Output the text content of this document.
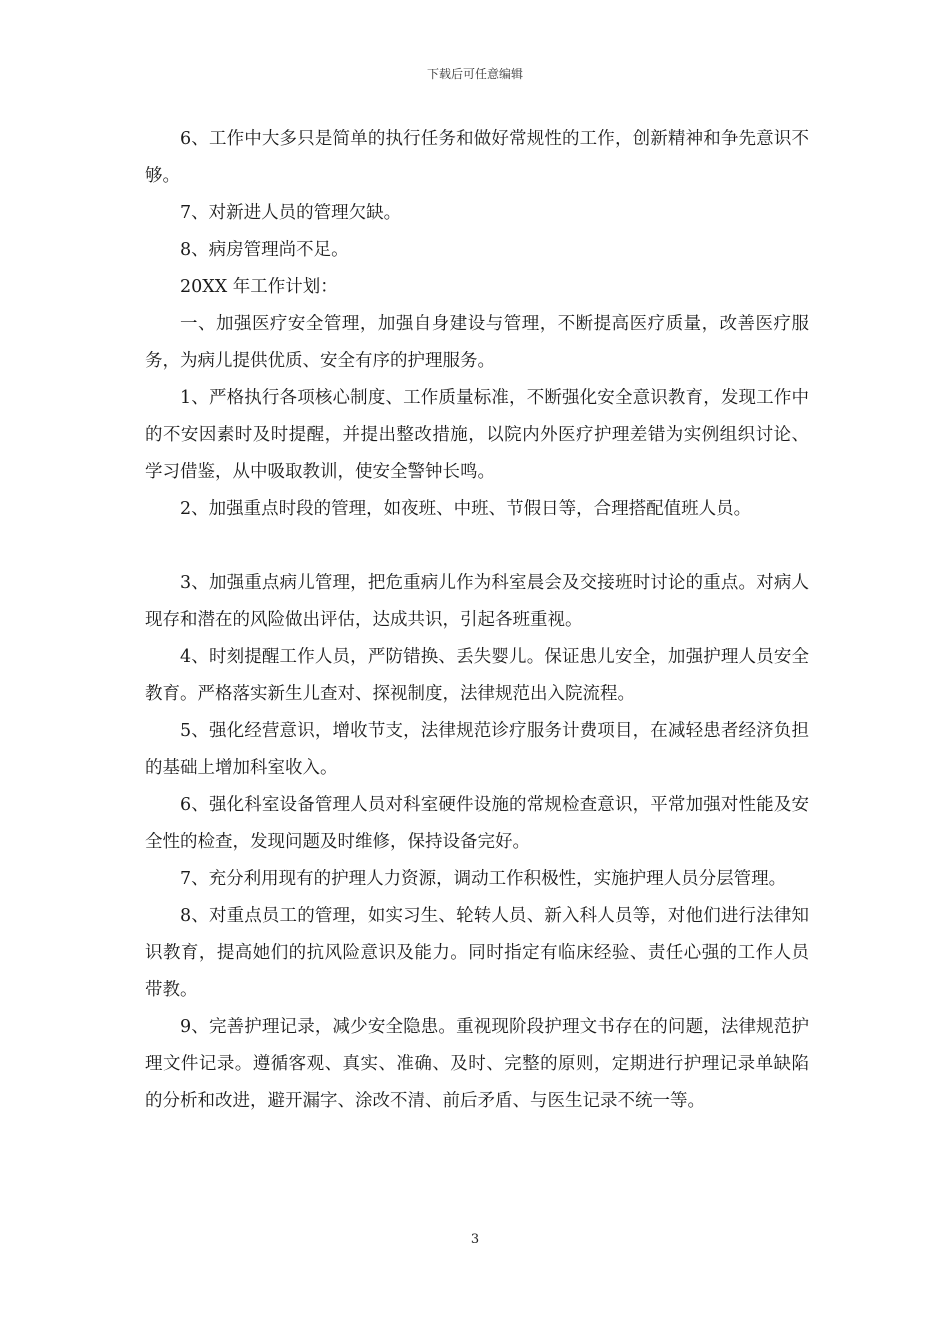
下载后可任意编辑

6、工作中大多只是简单的执行任务和做好常规性的工作，创新精神和争先意识不够。

7、对新进人员的管理欠缺。

8、病房管理尚不足。

20XX 年工作计划：

一、加强医疗安全管理，加强自身建设与管理，不断提高医疗质量，改善医疗服务，为病儿提供优质、安全有序的护理服务。

1、严格执行各项核心制度、工作质量标准，不断强化安全意识教育，发现工作中的不安因素时及时提醒，并提出整改措施，以院内外医疗护理差错为实例组织讨论、学习借鉴，从中吸取教训，使安全警钟长鸣。

2、加强重点时段的管理，如夜班、中班、节假日等，合理搭配值班人员。

3、加强重点病儿管理，把危重病儿作为科室晨会及交接班时讨论的重点。对病人现存和潜在的风险做出评估，达成共识，引起各班重视。

4、时刻提醒工作人员，严防错换、丢失婴儿。保证患儿安全，加强护理人员安全教育。严格落实新生儿查对、探视制度，法律规范出入院流程。

5、强化经营意识，增收节支，法律规范诊疗服务计费项目，在减轻患者经济负担的基础上增加科室收入。

6、强化科室设备管理人员对科室硬件设施的常规检查意识，平常加强对性能及安全性的检查，发现问题及时维修，保持设备完好。

7、充分利用现有的护理人力资源，调动工作积极性，实施护理人员分层管理。

8、对重点员工的管理，如实习生、轮转人员、新入科人员等，对他们进行法律知识教育，提高她们的抗风险意识及能力。同时指定有临床经验、责任心强的工作人员带教。

9、完善护理记录，减少安全隐患。重视现阶段护理文书存在的问题，法律规范护理文件记录。遵循客观、真实、准确、及时、完整的原则，定期进行护理记录单缺陷的分析和改进，避开漏字、涂改不清、前后矛盾、与医生记录不统一等。

3
